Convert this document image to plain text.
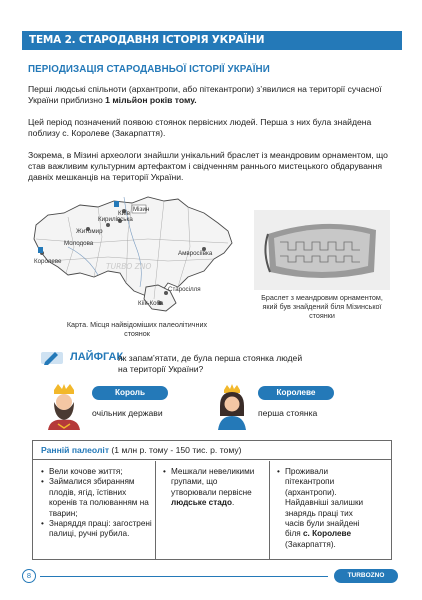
ТЕМА 2. СТАРОДАВНЯ ІСТОРІЯ УКРАЇНИ
ПЕРІОДИЗАЦІЯ СТАРОДАВНЬОЇ ІСТОРІЇ УКРАЇНИ
Перші людські спільноти (архантропи, або пітекантропи) з’явилися на території сучасної України приблизно 1 мільйон років тому.
Цей період позначений появою стоянок первісних людей. Перша з них була знайдена поблизу с. Королеве (Закарпаття).
Зокрема, в Мізині археологи знайшли унікальний браслет із меандровим орнаментом, що став важливим культурним артефактом і свідченням раннього мистецького обдарування давніх мешканців на території України.
Київ
Мізин
Кирилівська
Житомир
Молодова
Королеве
Амвросіївка
Кіїк-Коба
Старосілля
TURBO ZNO
Карта. Місця найвідоміших палеолітичних стоянок
Браслет з меандровим орнаментом, який був знайдений біля Мізинської стоянки
ЛАЙФГАК
як запам’ятати, де була перша стоянка людей
на території України?
Король
очільник держави
Королеве
перша стоянка
Ранній палеоліт (1 млн р. тому - 150 тис. р. тому)
• Вели кочове життя;
• Займалися збиранням плодів, ягід, їстівних коренів та полюванням на тварин;
• Знаряддя праці: загострені палиці, ручні рубила.
• Мешкали невеликими групами, що утворювали первісне людське стадо.
• Проживали пітекантропи (архантропи). Найдавніші залишки знарядь праці тих часів були знайдені біля с. Королеве (Закарпаття).
8	TURBOZNO
